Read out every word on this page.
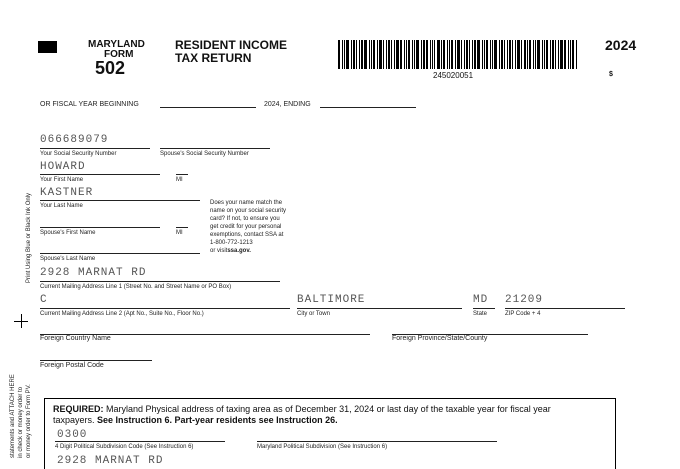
MARYLAND
FORM
502
RESIDENT INCOME
TAX RETURN
245020051
2024
$
OR FISCAL YEAR BEGINNING	2024, ENDING
066689079
Your Social Security Number	Spouse's Social Security Number
HOWARD
Your First Name	MI
KASTNER
Your Last Name
Spouse's First Name	MI
Spouse's Last Name
Does your name match the
name on your social security
card? If not, to ensure you
get credit for your personal
exemptions, contact SSA at
1-800-772-1213
or visitssa.gov.
2928 MARNAT RD
Current Mailing Address Line 1 (Street No. and Street Name or PO Box)
C
Current Mailing Address Line 2 (Apt No., Suite No., Floor No.)
BALTIMORE
City or Town
MD
State
21209
ZIP Code + 4
Foreign Country Name	Foreign Province/State/County
Foreign Postal Code
Print Using Blue or Black Ink Only
statements and ATTACH HERE in check or money order to or money order to Form PV. REQUIRED: Maryland Physical address of taxing area as of December 31, 2024 or last day of the taxable year for fiscal year
taxpayers. See Instruction 6. Part-year residents see Instruction 26.
0300
4 Digit Political Subdivision Code (See Instruction 6)	Maryland Political Subdivision (See Instruction 6)
2928 MARNAT RD
